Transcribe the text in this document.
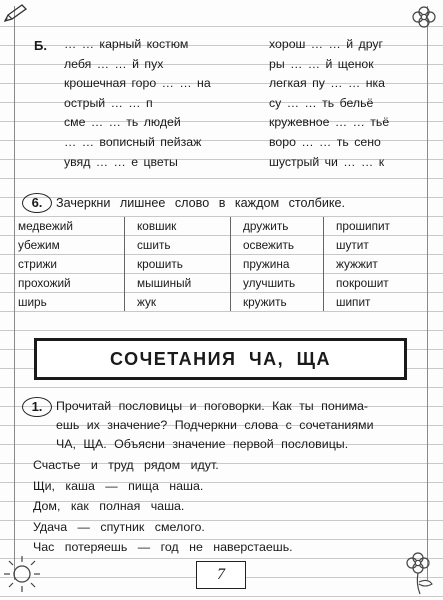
Б. … … карный костюм
лебя … … й пух
крошечная горо … … на
острый … … п
сме … … ть людей
… … вописный пейзаж
увяд … … е цветы
хорош … … й друг
ры … … й щенок
легкая пу … … нка
су … … ть бельё
кружевное … … тьё
воро … … ть сено
шустрый чи … … к
6.	Зачеркни лишнее слово в каждом столбике.
медвежий
убежим
стрижи
прохожий
ширь
ковшик
сшить
крошить
мышиный
жук
дружить
освежить
пружина
улучшить
кружить
прошипит
шутит
жужжит
покрошит
шипит
СОЧЕТАНИЯ ЧА, ЩА
1.	Прочитай пословицы и поговорки. Как ты понима-
ешь их значение? Подчеркни слова с сочетаниями
ЧА, ЩА. Объясни значение первой пословицы.
Счастье и труд рядом идут.
Щи, каша — пища наша.
Дом, как полная чаша.
Удача — спутник смелого.
Час потеряешь — год не наверстаешь.
7
